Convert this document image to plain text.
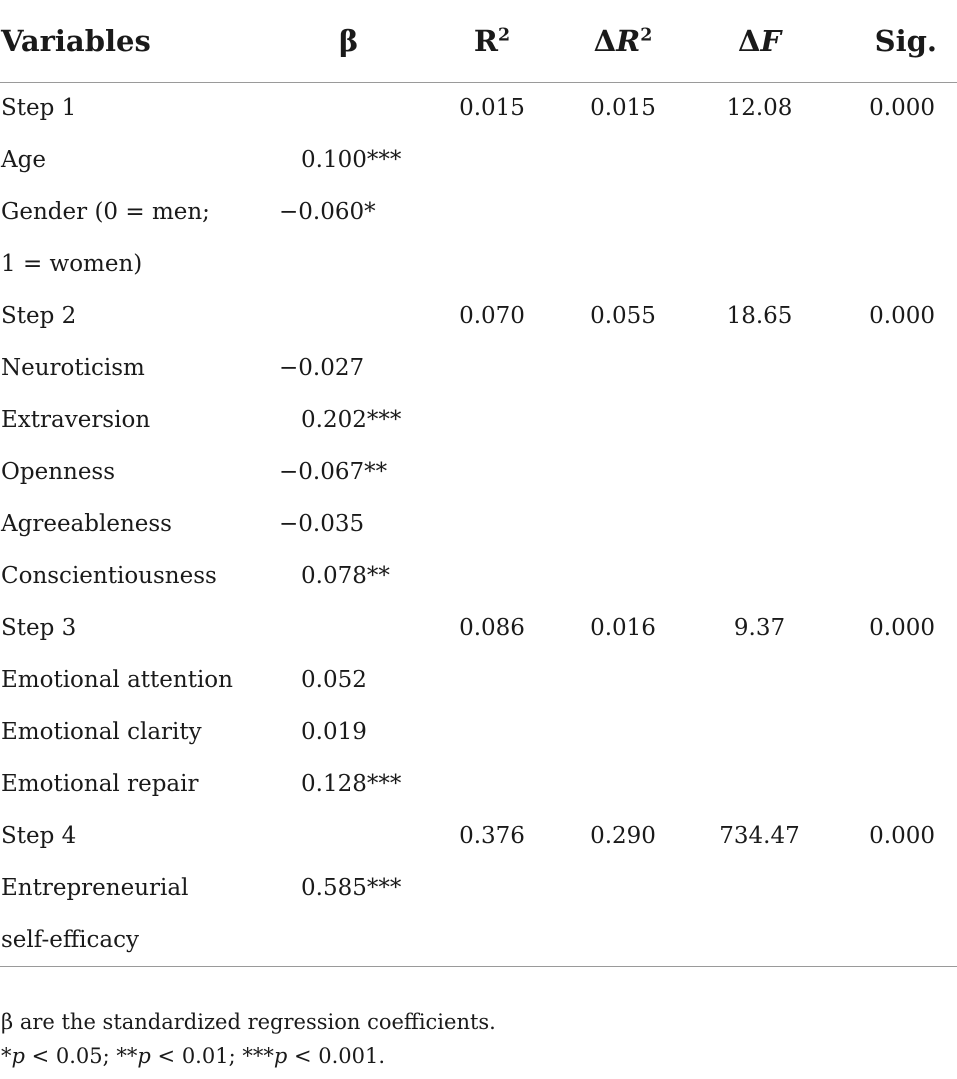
Variables	β	$R^2$	$\Delta R^2$	ΔF	Sig.
Step 1		0.015	0.015	12.08	0.000
Age	0.100***				
Gender (0 = men;	−0.060*				
1 = women)					
Step 2		0.070	0.055	18.65	0.000
Neuroticism	−0.027				
Extraversion	0.202***				
Openness	−0.067**				
Agreeableness	−0.035				
Conscientiousness	0.078**				
Step 3		0.086	0.016	9.37	0.000
Emotional attention	0.052				
Emotional clarity	0.019				
Emotional repair	0.128***				
Step 4		0.376	0.290	734.47	0.000
Entrepreneurial	0.585***				
self-efficacy					
β are the standardized regression coefficients.
*p < 0.05; **p < 0.01; ***p < 0.001.
